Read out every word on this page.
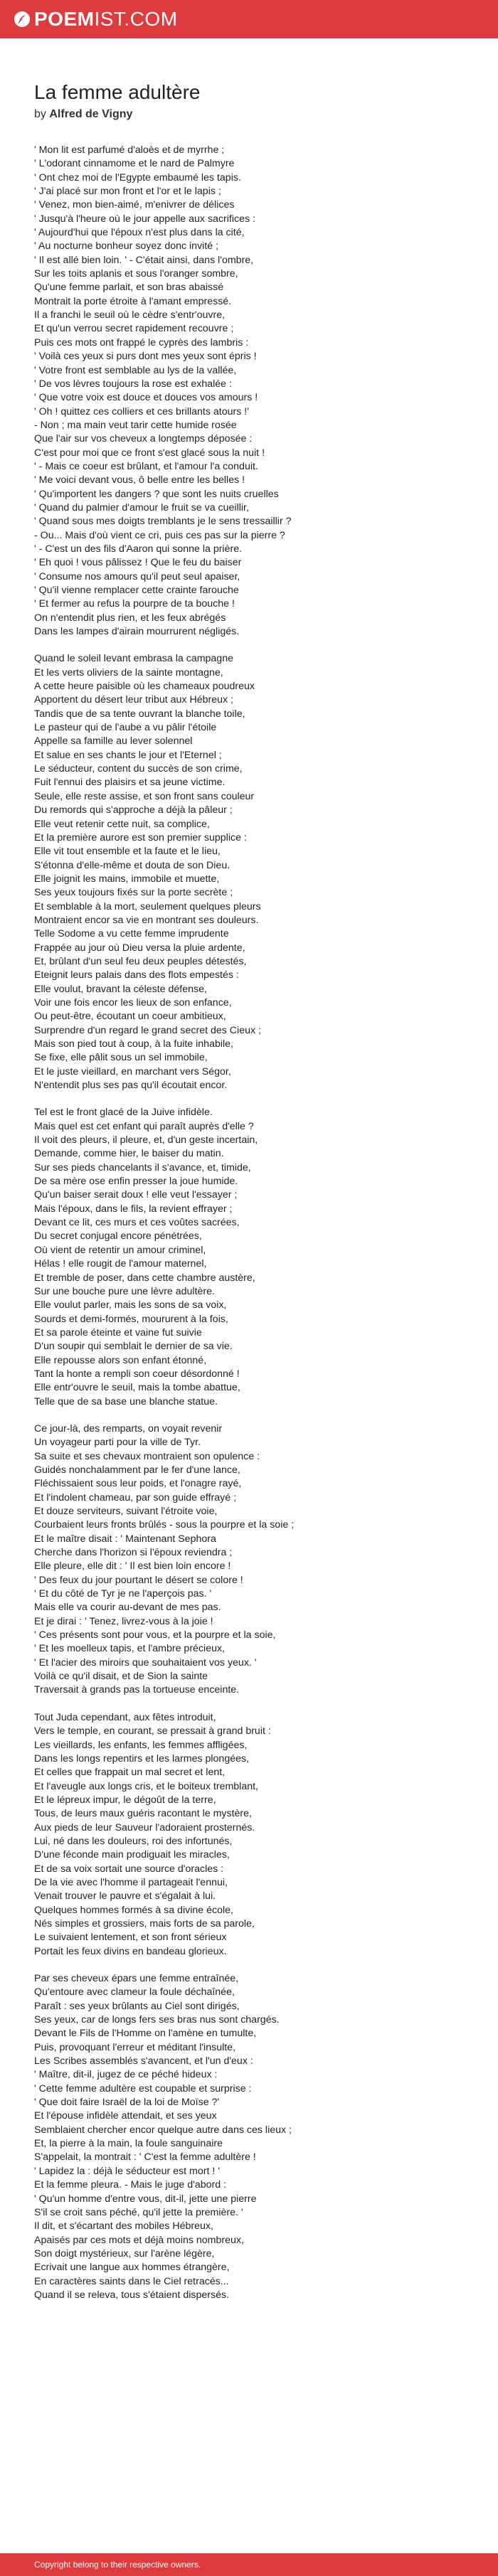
POEMIST.COM
La femme adultère
by Alfred de Vigny
' Mon lit est parfumé d'aloès et de myrrhe ;
' L'odorant cinnamome et le nard de Palmyre
' Ont chez moi de l'Egypte embaumé les tapis.
' J'ai placé sur mon front et l'or et le lapis ;
' Venez, mon bien-aimé, m'enivrer de délices
' Jusqu'à l'heure où le jour appelle aux sacrifices :
' Aujourd'hui que l'époux n'est plus dans la cité,
' Au nocturne bonheur soyez donc invité ;
' Il est allé bien loin. ' - C'était ainsi, dans l'ombre,
Sur les toits aplanis et sous l'oranger sombre,
Qu'une femme parlait, et son bras abaissé
Montrait la porte étroite à l'amant empressé.
Il a franchi le seuil où le cèdre s'entr'ouvre,
Et qu'un verrou secret rapidement recouvre ;
Puis ces mots ont frappé le cyprès des lambris :
' Voilà ces yeux si purs dont mes yeux sont épris !
' Votre front est semblable au lys de la vallée,
' De vos lèvres toujours la rose est exhalée :
' Que votre voix est douce et douces vos amours !
' Oh ! quittez ces colliers et ces brillants atours !'
- Non ; ma main veut tarir cette humide rosée
Que l'air sur vos cheveux a longtemps déposée :
C'est pour moi que ce front s'est glacé sous la nuit !
' - Mais ce coeur est brûlant, et l'amour l'a conduit.
' Me voici devant vous, ô belle entre les belles !
' Qu'importent les dangers ? que sont les nuits cruelles
' Quand du palmier d'amour le fruit se va cueillir,
' Quand sous mes doigts tremblants je le sens tressaillir ?
- Ou... Mais d'où vient ce cri, puis ces pas sur la pierre ?
' - C'est un des fils d'Aaron qui sonne la prière.
' Eh quoi ! vous pâlissez ! Que le feu du baiser
' Consume nos amours qu'il peut seul apaiser,
' Qu'il vienne remplacer cette crainte farouche
' Et fermer au refus la pourpre de ta bouche !
On n'entendit plus rien, et les feux abrégés
Dans les lampes d'airain mourrurent négligés.
Quand le soleil levant embrasa la campagne
Et les verts oliviers de la sainte montagne,
A cette heure paisible où les chameaux poudreux
Apportent du désert leur tribut aux Hébreux ;
Tandis que de sa tente ouvrant la blanche toile,
Le pasteur qui de l'aube a vu pâlir l'étoile
Appelle sa famille au lever solennel
Et salue en ses chants le jour et l'Eternel ;
Le séducteur, content du succès de son crime,
Fuit l'ennui des plaisirs et sa jeune victime.
Seule, elle reste assise, et son front sans couleur
Du remords qui s'approche a déjà la pâleur ;
Elle veut retenir cette nuit, sa complice,
Et la première aurore est son premier supplice :
Elle vit tout ensemble et la faute et le lieu,
S'étonna d'elle-même et douta de son Dieu.
Elle joignit les mains, immobile et muette,
Ses yeux toujours fixés sur la porte secrète ;
Et semblable à la mort, seulement quelques pleurs
Montraient encor sa vie en montrant ses douleurs.
Telle Sodome a vu cette femme imprudente
Frappée au jour où Dieu versa la pluie ardente,
Et, brûlant d'un seul feu deux peuples détestés,
Eteignit leurs palais dans des flots empestés :
Elle voulut, bravant la céleste défense,
Voir une fois encor les lieux de son enfance,
Ou peut-être, écoutant un coeur ambitieux,
Surprendre d'un regard le grand secret des Cieux ;
Mais son pied tout à coup, à la fuite inhabile,
Se fixe, elle pâlit sous un sel immobile,
Et le juste vieillard, en marchant vers Ségor,
N'entendit plus ses pas qu'il écoutait encor.
Tel est le front glacé de la Juive infidèle.
Mais quel est cet enfant qui paraît auprès d'elle ?
Il voit des pleurs, il pleure, et, d'un geste incertain,
Demande, comme hier, le baiser du matin.
Sur ses pieds chancelants il s'avance, et, timide,
De sa mère ose enfin presser la joue humide.
Qu'un baiser serait doux ! elle veut l'essayer ;
Mais l'époux, dans le fils, la revient effrayer ;
Devant ce lit, ces murs et ces voûtes sacrées,
Du secret conjugal encore pénétrées,
Où vient de retentir un amour criminel,
Hélas ! elle rougit de l'amour maternel,
Et tremble de poser, dans cette chambre austère,
Sur une bouche pure une lèvre adultère.
Elle voulut parler, mais les sons de sa voix,
Sourds et demi-formés, moururent à la fois,
Et sa parole éteinte et vaine fut suivie
D'un soupir qui semblait le dernier de sa vie.
Elle repousse alors son enfant étonné,
Tant la honte a rempli son coeur désordonné !
Elle entr'ouvre le seuil, mais la tombe abattue,
Telle que de sa base une blanche statue.
Ce jour-là, des remparts, on voyait revenir
Un voyageur parti pour la ville de Tyr.
Sa suite et ses chevaux montraient son opulence :
Guidés nonchalamment par le fer d'une lance,
Fléchissaient sous leur poids, et l'onagre rayé,
Et l'indolent chameau, par son guide effrayé ;
Et douze serviteurs, suivant l'étroite voie,
Courbaient leurs fronts brûlés - sous la pourpre et la soie ;
Et le maître disait : ' Maintenant Sephora
Cherche dans l'horizon si l'époux reviendra ;
Elle pleure, elle dit : ' Il est bien loin encore !
' Des feux du jour pourtant le désert se colore !
' Et du côté de Tyr je ne l'aperçois pas. '
Mais elle va courir au-devant de mes pas.
Et je dirai : ' Tenez, livrez-vous à la joie !
' Ces présents sont pour vous, et la pourpre et la soie,
' Et les moelleux tapis, et l'ambre précieux,
' Et l'acier des miroirs que souhaitaient vos yeux. '
Voilà ce qu'il disait, et de Sion la sainte
Traversait à grands pas la tortueuse enceinte.
Tout Juda cependant, aux fêtes introduit,
Vers le temple, en courant, se pressait à grand bruit :
Les vieillards, les enfants, les femmes affligées,
Dans les longs repentirs et les larmes plongées,
Et celles que frappait un mal secret et lent,
Et l'aveugle aux longs cris, et le boiteux tremblant,
Et le lépreux impur, le dégoût de la terre,
Tous, de leurs maux guéris racontant le mystère,
Aux pieds de leur Sauveur l'adoraient prosternés.
Lui, né dans les douleurs, roi des infortunés,
D'une féconde main prodiguait les miracles,
Et de sa voix sortait une source d'oracles :
De la vie avec l'homme il partageait l'ennui,
Venait trouver le pauvre et s'égalait à lui.
Quelques hommes formés à sa divine école,
Nés simples et grossiers, mais forts de sa parole,
Le suivaient lentement, et son front sérieux
Portait les feux divins en bandeau glorieux.
Par ses cheveux épars une femme entraînée,
Qu'entoure avec clameur la foule déchaînée,
Paraît : ses yeux brûlants au Ciel sont dirigés,
Ses yeux, car de longs fers ses bras nus sont chargés.
Devant le Fils de l'Homme on l'amène en tumulte,
Puis, provoquant l'erreur et méditant l'insulte,
Les Scribes assemblés s'avancent, et l'un d'eux :
' Maître, dit-il, jugez de ce péché hideux :
' Cette femme adultère est coupable et surprise :
' Que doit faire Israël de la loi de Moïse ?'
Et l'épouse infidèle attendait, et ses yeux
Semblaient chercher encor quelque autre dans ces lieux ;
Et, la pierre à la main, la foule sanguinaire
S'appelait, la montrait : ' C'est la femme adultère !
' Lapidez la : déjà le séducteur est mort ! '
Et la femme pleura. - Mais le juge d'abord :
' Qu'un homme d'entre vous, dit-il, jette une pierre
S'il se croit sans péché, qu'il jette la première. '
Il dit, et s'écartant des mobiles Hébreux,
Apaisés par ces mots et déjà moins nombreux,
Son doigt mystérieux, sur l'arène légère,
Ecrivait une langue aux hommes étrangère,
En caractères saints dans le Ciel retracés...
Quand il se releva, tous s'étaient dispersés.
Copyright belong to their respective owners.
